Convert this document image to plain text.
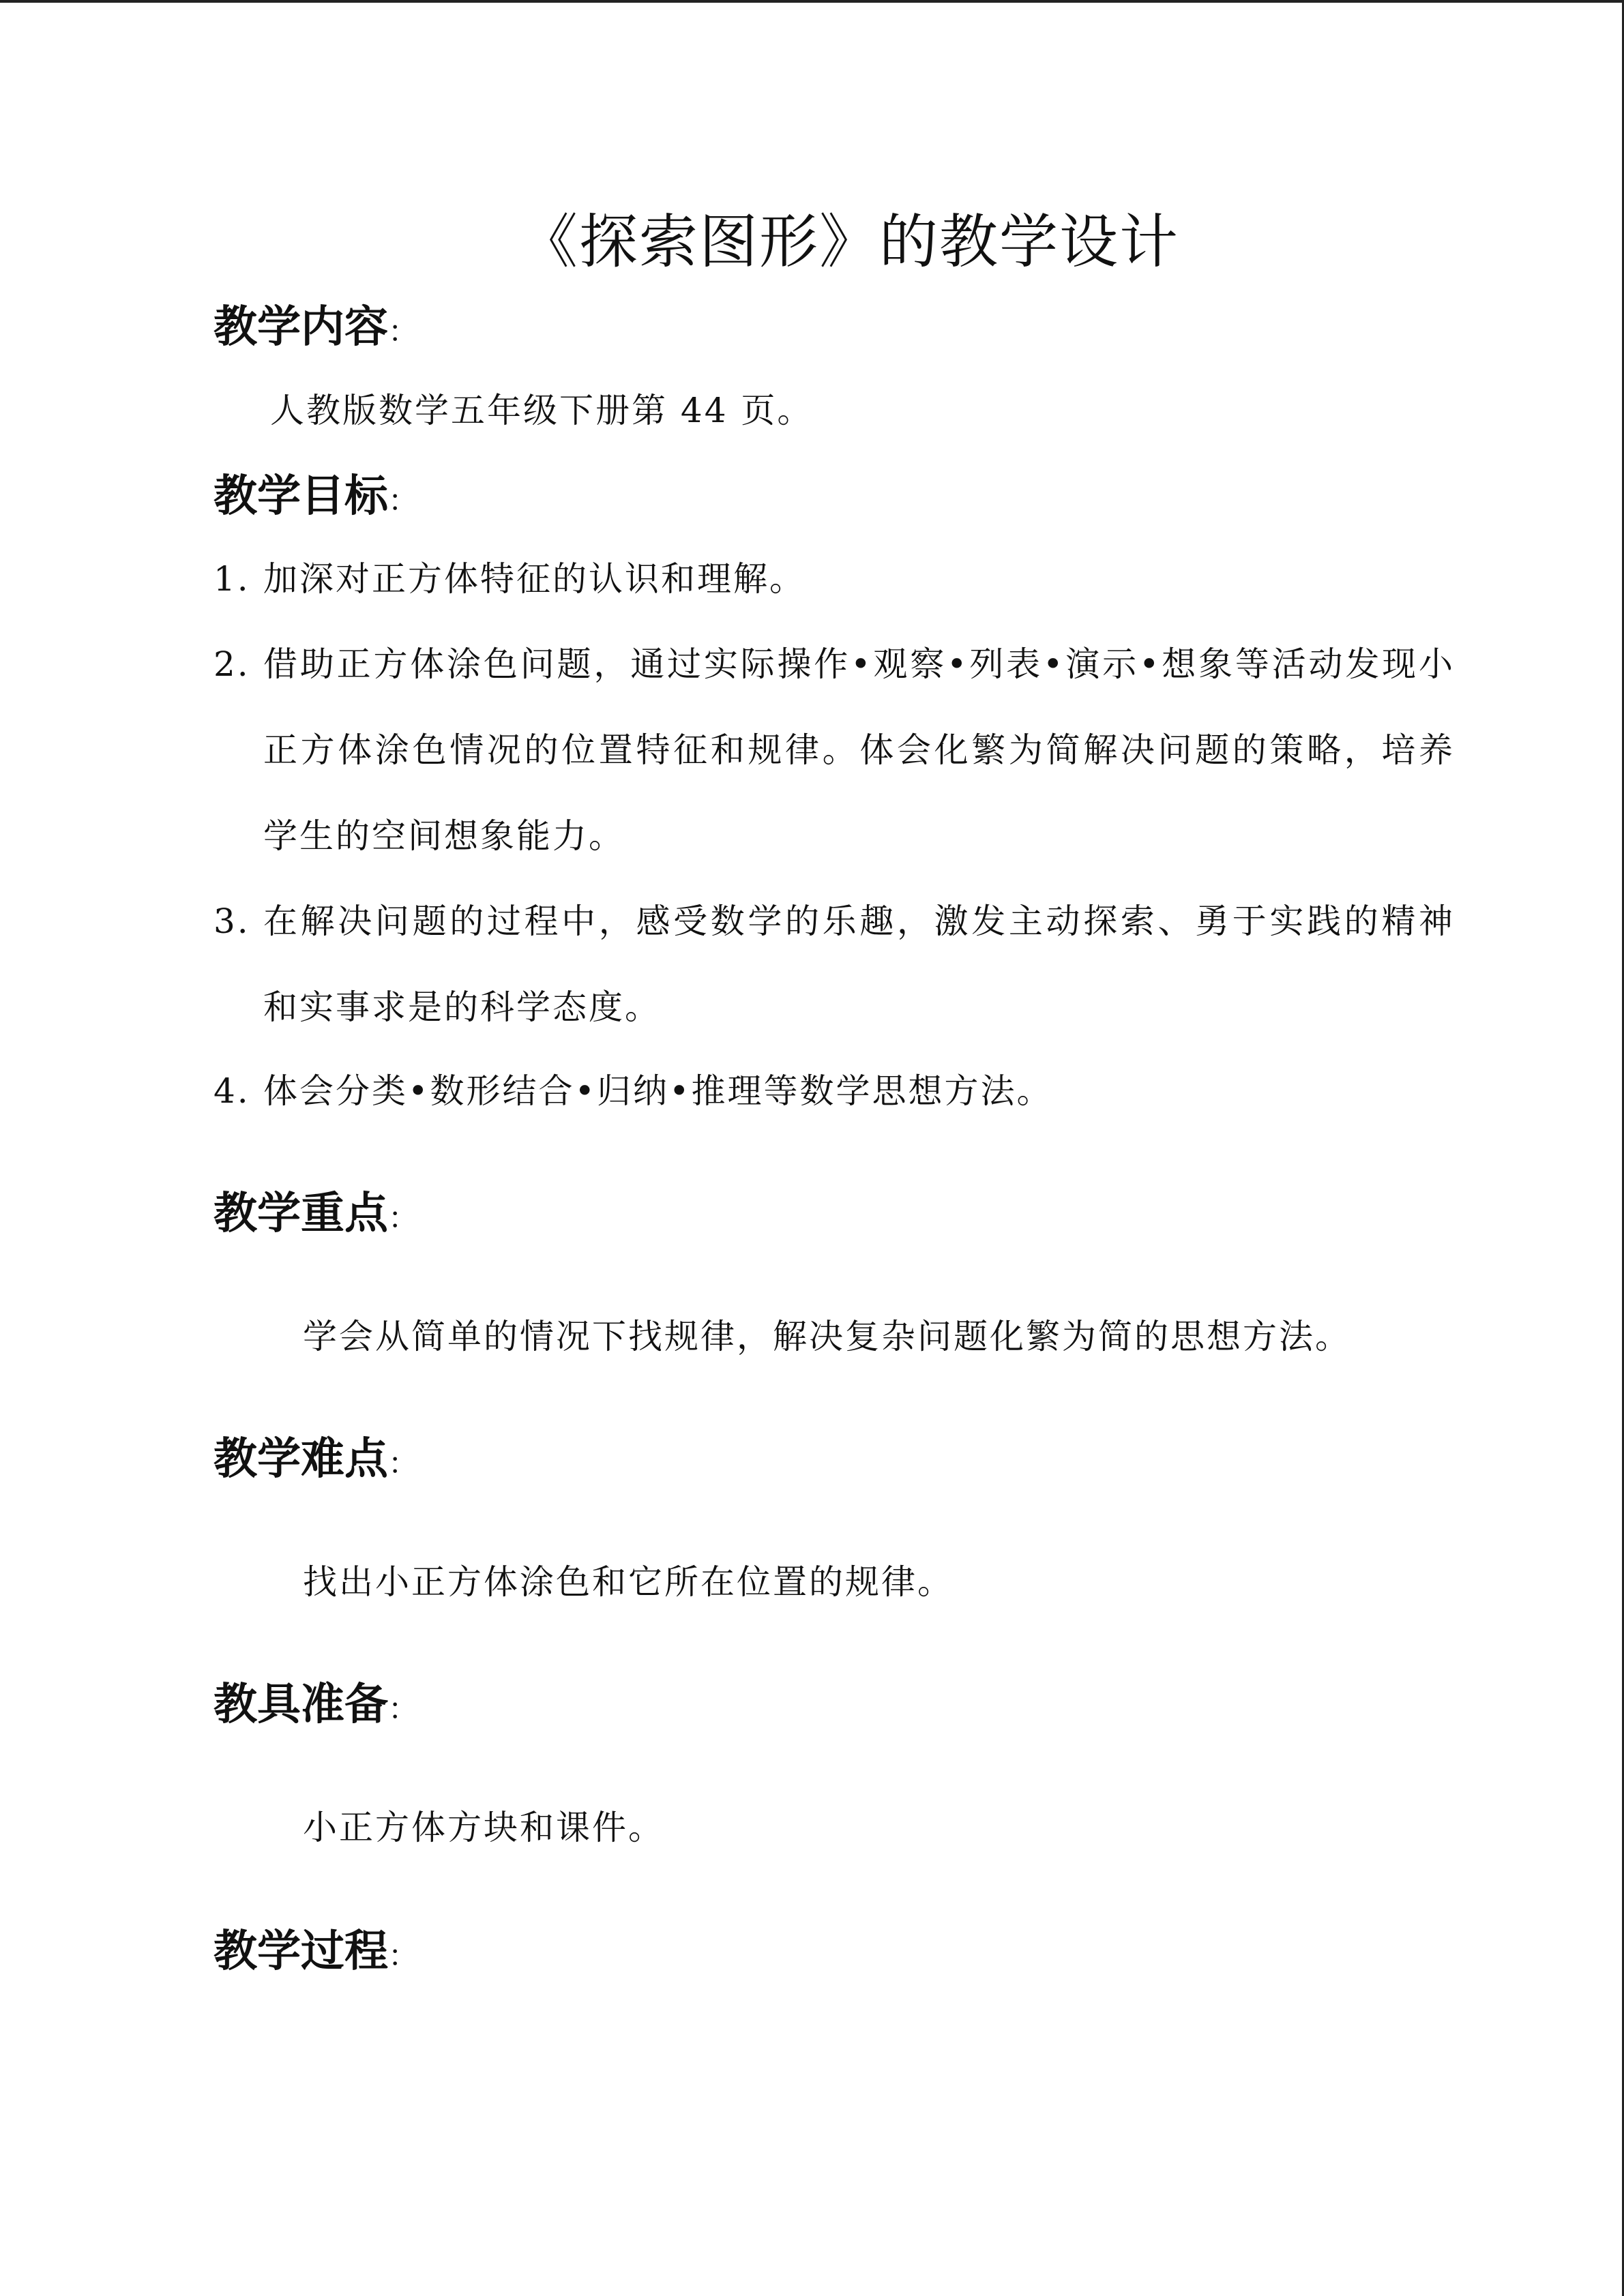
《探索图形》的教学设计
教学内容：
人教版数学五年级下册第 44 页。
教学目标：
1. 加深对正方体特征的认识和理解。
2. 借助正方体涂色问题，通过实际操作•观察•列表•演示•想象等活动发现小正方体涂色情况的位置特征和规律。体会化繁为简解决问题的策略，培养学生的空间想象能力。
3. 在解决问题的过程中，感受数学的乐趣，激发主动探索、勇于实践的精神和实事求是的科学态度。
4. 体会分类•数形结合•归纳•推理等数学思想方法。
教学重点：
学会从简单的情况下找规律，解决复杂问题化繁为简的思想方法。
教学难点：
找出小正方体涂色和它所在位置的规律。
教具准备：
小正方体方块和课件。
教学过程：
